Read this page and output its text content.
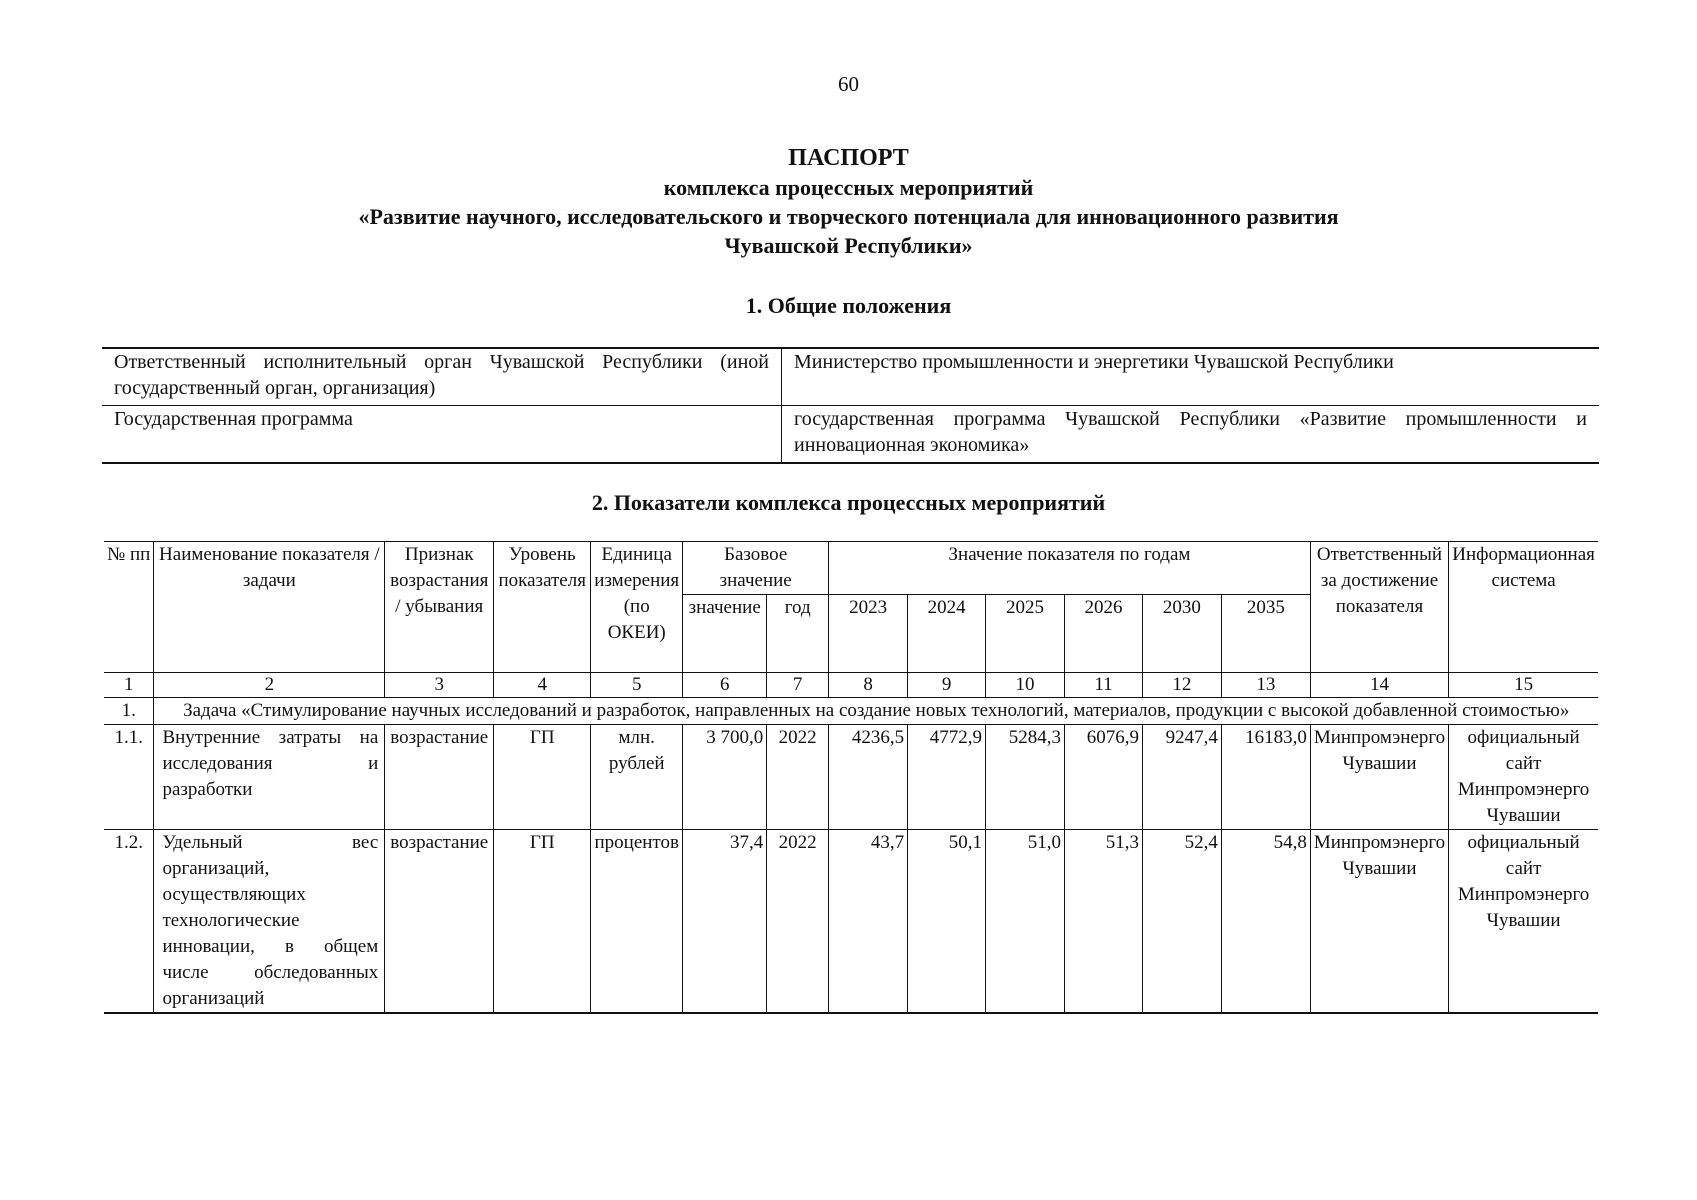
60
ПАСПОРТ
комплекса процессных мероприятий
«Развитие научного, исследовательского и творческого потенциала для инновационного развития
Чувашской Республики»
1. Общие положения
Ответственный исполнительный орган Чувашской Республики (иной государственный орган, организация)	Министерство промышленности и энергетики Чувашской Республики
Государственная программа	государственная программа Чувашской Республики «Развитие промышленности и инновационная экономика»
2. Показатели комплекса процессных мероприятий
№ пп	Наименование показателя / задачи	Признак возрастания / убывания	Уровень показателя	Единица измерения (по ОКЕИ)	Базовое значение		Значение показателя по годам						Ответственный за достижение показателя	Информационная система
					значение	год	2023	2024	2025	2026	2030	2035		
1	2	3	4	5	6	7	8	9	10	11	12	13	14	15
1.	Задача «Стимулирование научных исследований и разработок, направленных на создание новых технологий, материалов, продукции с высокой добавленной стоимостью»													
1.1.	Внутренние затраты на исследования и разработки	возрастание	ГП	млн. рублей	3 700,0	2022	4236,5	4772,9	5284,3	6076,9	9247,4	16183,0	Минпромэнерго Чувашии	официальный сайт Минпромэнерго Чувашии
1.2.	Удельный вес организаций, осуществляющих технологические инновации, в общем числе обследованных организаций	возрастание	ГП	процентов	37,4	2022	43,7	50,1	51,0	51,3	52,4	54,8	Минпромэнерго Чувашии	официальный сайт Минпромэнерго Чувашии
